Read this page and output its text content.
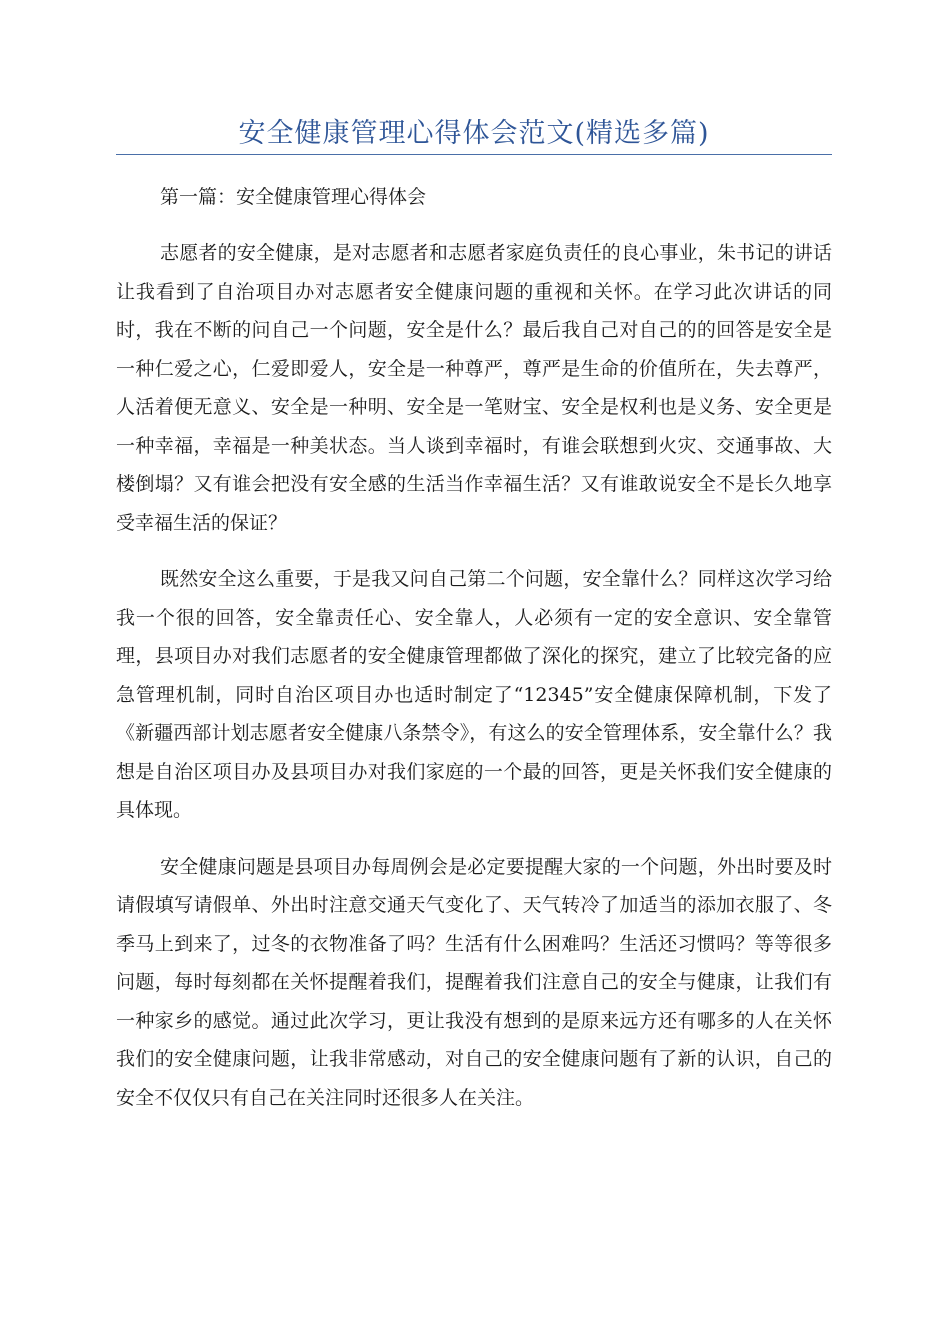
安全健康管理心得体会范文(精选多篇)

第一篇：安全健康管理心得体会

志愿者的安全健康，是对志愿者和志愿者家庭负责任的良心事业，朱书记的讲话让我看到了自治项目办对志愿者安全健康问题的重视和关怀。在学习此次讲话的同时，我在不断的问自己一个问题，安全是什么？最后我自己对自己的的回答是安全是一种仁爱之心，仁爱即爱人，安全是一种尊严，尊严是生命的价值所在，失去尊严，人活着便无意义、安全是一种明、安全是一笔财宝、安全是权利也是义务、安全更是一种幸福，幸福是一种美状态。当人谈到幸福时，有谁会联想到火灾、交通事故、大楼倒塌？又有谁会把没有安全感的生活当作幸福生活？又有谁敢说安全不是长久地享受幸福生活的保证？

既然安全这么重要，于是我又问自己第二个问题，安全靠什么？同样这次学习给我一个很的回答，安全靠责任心、安全靠人，人必须有一定的安全意识、安全靠管理，县项目办对我们志愿者的安全健康管理都做了深化的探究，建立了比较完备的应急管理机制，同时自治区项目办也适时制定了“12345”安全健康保障机制，下发了《新疆西部计划志愿者安全健康八条禁令》，有这么的安全管理体系，安全靠什么？我想是自治区项目办及县项目办对我们家庭的一个最的回答，更是关怀我们安全健康的具体现。

安全健康问题是县项目办每周例会是必定要提醒大家的一个问题，外出时要及时请假填写请假单、外出时注意交通天气变化了、天气转冷了加适当的添加衣服了、冬季马上到来了，过冬的衣物准备了吗？生活有什么困难吗？生活还习惯吗？等等很多问题，每时每刻都在关怀提醒着我们，提醒着我们注意自己的安全与健康，让我们有一种家乡的感觉。通过此次学习，更让我没有想到的是原来远方还有哪多的人在关怀我们的安全健康问题，让我非常感动，对自己的安全健康问题有了新的认识，自己的安全不仅仅只有自己在关注同时还很多人在关注。
